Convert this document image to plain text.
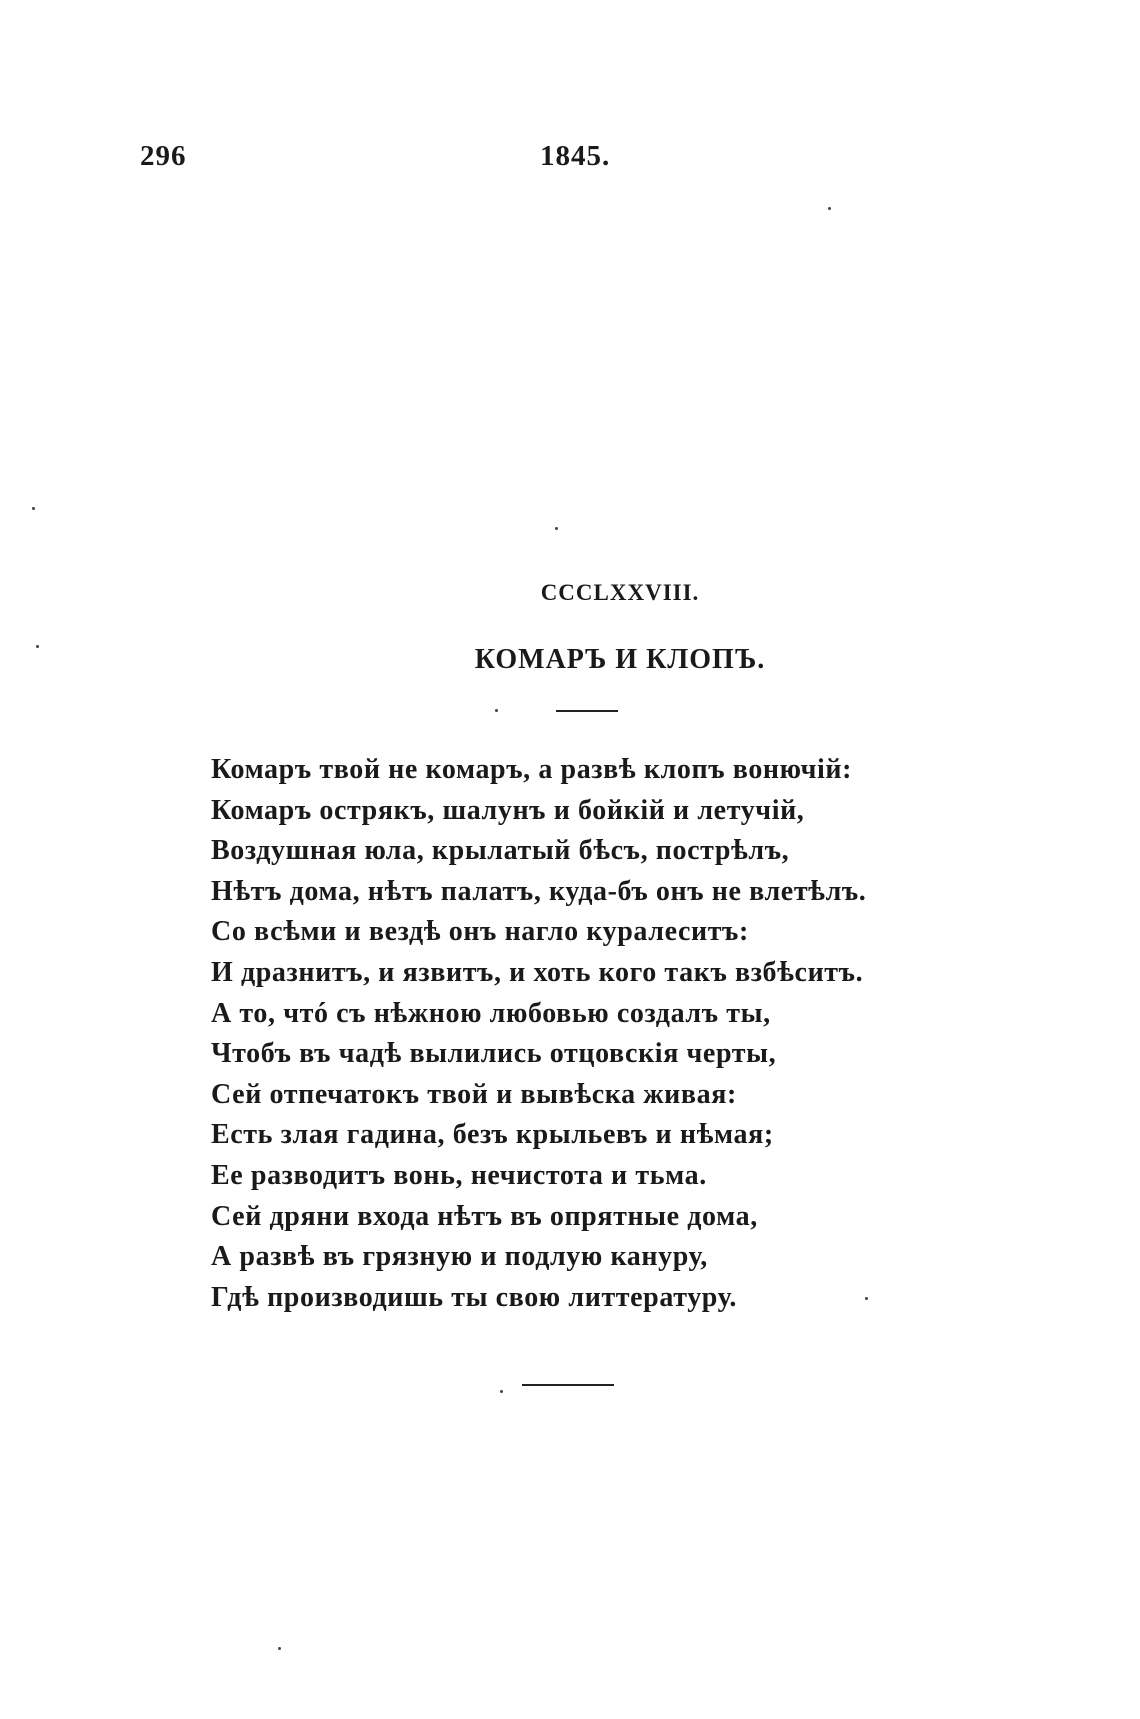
296	1845.
CCCLXXVIII.
КОМАРЪ И КЛОПЪ.
Комаръ твой не комаръ, а развѣ клопъ вонючій:
Комаръ острякъ, шалунъ и бойкій и летучій,
Воздушная юла, крылатый бѣсъ, пострѣлъ,
Нѣтъ дома, нѣтъ палатъ, куда-бъ онъ не влетѣлъ.
Со всѣми и вездѣ онъ нагло куралеситъ:
И дразнитъ, и язвитъ, и хоть кого такъ взбѣситъ.
А то, чтó съ нѣжною любовью создалъ ты,
Чтобъ въ чадѣ вылились отцовскія черты,
Сей отпечатокъ твой и вывѣска живая:
Есть злая гадина, безъ крыльевъ и нѣмая;
Ее разводитъ вонь, нечистота и тьма.
Сей дряни входа нѣтъ въ опрятные дома,
А развѣ въ грязную и подлую кануру,
Гдѣ производишь ты свою литтературу.
